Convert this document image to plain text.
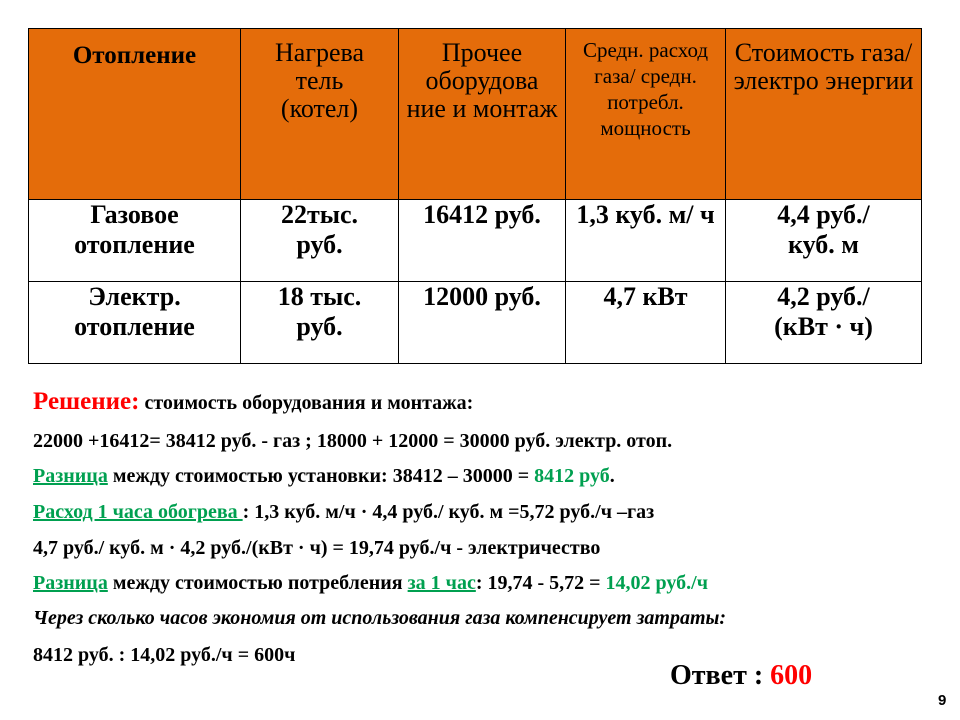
Отопление	Нагрева тель (котел)	Прочее оборудова ние и монтаж	Средн. расход газа/ средн. потребл. мощность	Стоимость газа/ электро энергии

Газовое отопление	22тыс. руб.	16412 руб.	1,3 куб. м/ ч	4,4 руб./ куб. м

Электр. отопление	18 тыс. руб.	12000 руб.	4,7 кВт	4,2 руб./ (кВт · ч)
Решение: стоимость оборудования и монтажа:
22000 +16412= 38412 руб. - газ ; 18000 + 12000 = 30000 руб. электр. отоп.
Разница между стоимостью установки: 38412 – 30000 = 8412 руб.
Расход 1 часа обогрева : 1,3 куб. м/ч · 4,4 руб./ куб. м =5,72 руб./ч –газ
4,7 руб./ куб. м · 4,2 руб./(кВт · ч) = 19,74 руб./ч - электричество
Разница между стоимостью потребления за 1 час: 19,74 - 5,72 = 14,02 руб./ч
Через сколько часов экономия от использования газа компенсирует затраты:
8412 руб. : 14,02 руб./ч = 600ч
Ответ : 600
9
